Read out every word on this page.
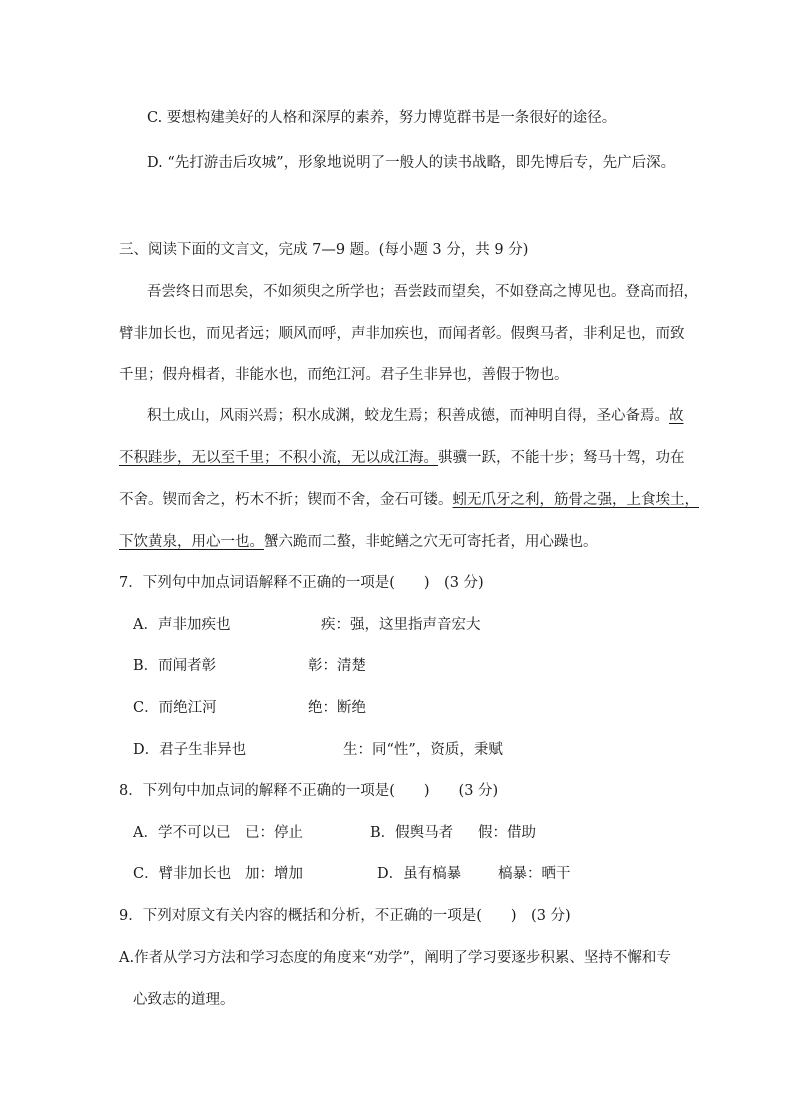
C. 要想构建美好的人格和深厚的素养，努力博览群书是一条很好的途径。
D. “先打游击后攻城”，形象地说明了一般人的读书战略，即先博后专，先广后深。
三、阅读下面的文言文，完成 7—9 题。(每小题 3 分，共 9 分)
吾尝终日而思矣，不如须臾之所学也；吾尝跂而望矣，不如登高之博见也。登高而招，
臂非加长也，而见者远；顺风而呼，声非加疾也，而闻者彰。假舆马者，非利足也，而致
千里；假舟楫者，非能水也，而绝江河。君子生非异也，善假于物也。
积土成山，风雨兴焉；积水成渊，蛟龙生焉；积善成德，而神明自得，圣心备焉。故
不积跬步，无以至千里；不积小流，无以成江海。骐骥一跃，不能十步；驽马十驾，功在
不舍。锲而舍之，朽木不折；锲而不舍，金石可镂。蚓无爪牙之利，筋骨之强，上食埃土，
下饮黄泉，用心一也。蟹六跪而二螯，非蛇鳝之穴无可寄托者，用心躁也。
7．下列句中加点词语解释不正确的一项是(　　)　(3 分)
A．声非加疾也	疾：强，这里指声音宏大
B．而闻者彰	彰：清楚
C．而绝江河	绝：断绝
D．君子生非异也	生：同“性”，资质，秉赋
8．下列句中加点词的解释不正确的一项是(　　)　　(3 分)
A．学不可以已 已：停止	B．假舆马者 假：借助
C．臂非加长也 加：增加	D．虽有槁暴	槁暴：晒干
9．下列对原文有关内容的概括和分析，不正确的一项是(　　)　(3 分)
A.作者从学习方法和学习态度的角度来“劝学”，阐明了学习要逐步积累、坚持不懈和专
心致志的道理。
